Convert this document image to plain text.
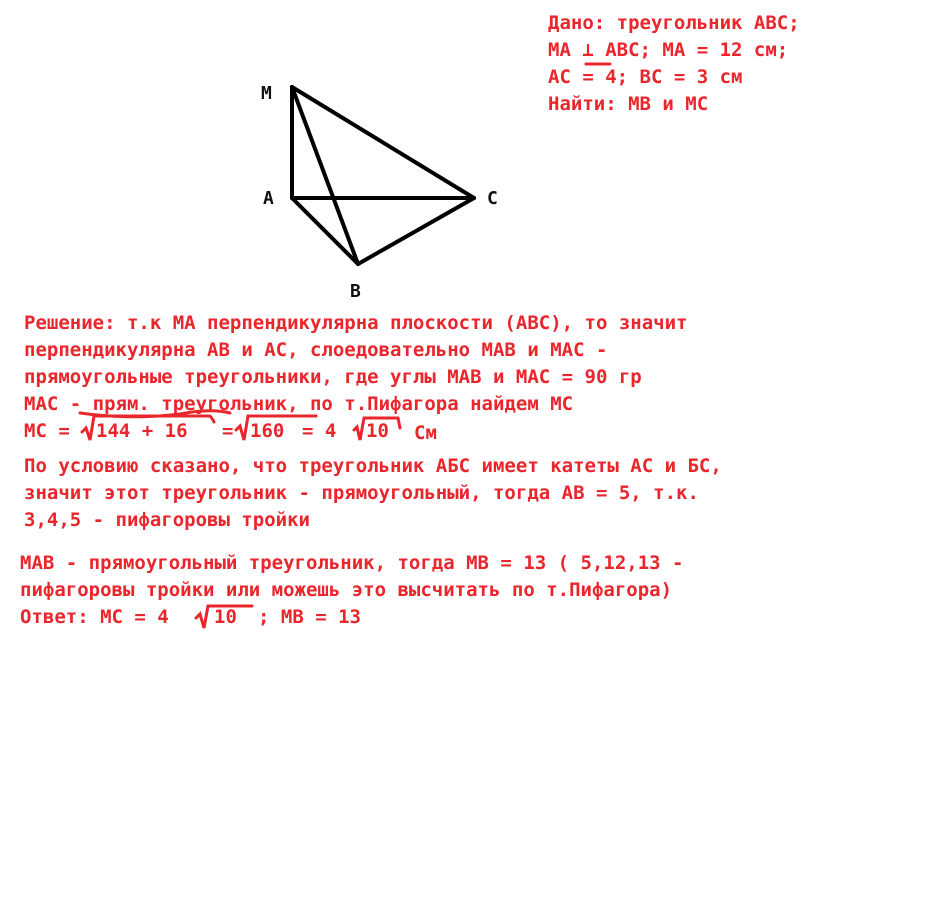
M
A	C
B
Дано: треугольник ABC;
MA ⊥ ABC; MA = 12 см;
AC = 4; BC = 3 см
Найти: MB и MC
Решение: т.к MA перпендикулярна плоскости (ABC), то значит
перпендикулярна AB и AC, слоедовательно MAB и MAC -
прямоугольные треугольники, где углы MAB и MAC = 90 гр
MAC - прям. треугольник, по т.Пифагора найдем MC
MC = 144 + 16 = 160 = 4 10 См
По условию сказано, что треугольник АБС имеет катеты AC и БС,
значит этот треугольник - прямоугольный, тогда AB = 5, т.к.
3,4,5 - пифагоровы тройки
MAB - прямоугольный треугольник, тогда MB = 13 ( 5,12,13 -
пифагоровы тройки или можешь это высчитать по т.Пифагора)
Ответ: MC = 4 10 ; MB = 13
